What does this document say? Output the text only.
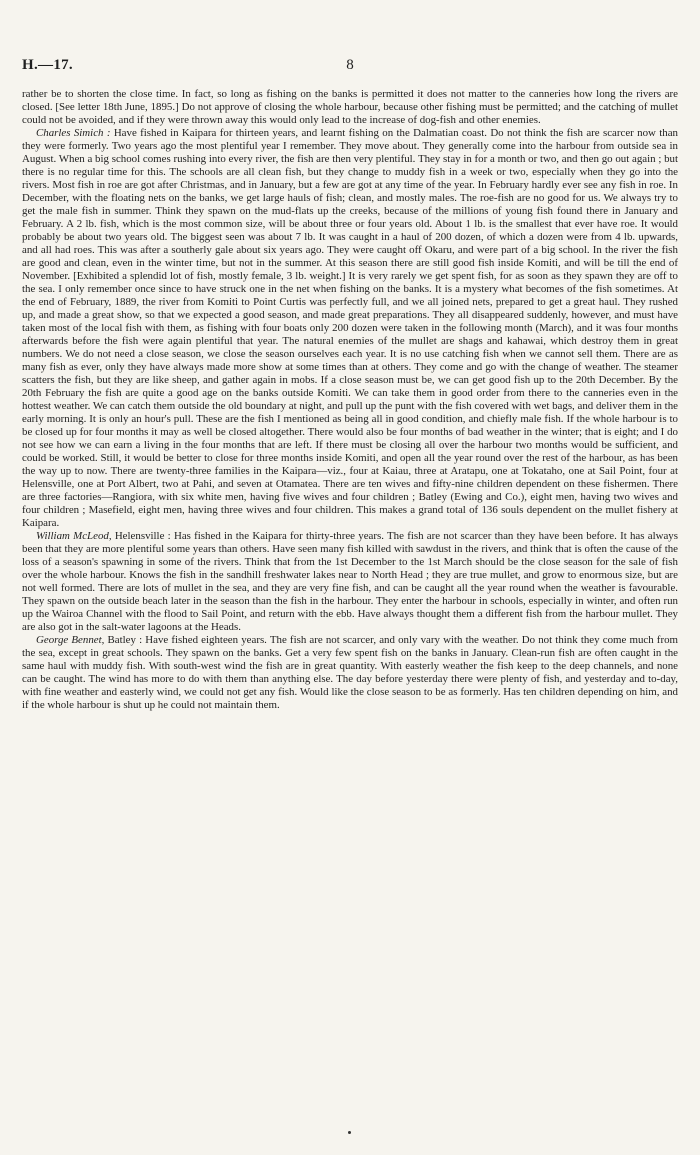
H.—17.	8

rather be to shorten the close time. In fact, so long as fishing on the banks is permitted it does not matter to the canneries how long the rivers are closed. [See letter 18th June, 1895.] Do not approve of closing the whole harbour, because other fishing must be permitted; and the catching of mullet could not be avoided, and if they were thrown away this would only lead to the increase of dog-fish and other enemies.

Charles Simich : Have fished in Kaipara for thirteen years, and learnt fishing on the Dalmatian coast. Do not think the fish are scarcer now than they were formerly. Two years ago the most plentiful year I remember. They move about. They generally come into the harbour from outside sea in August. When a big school comes rushing into every river, the fish are then very plentiful. They stay in for a month or two, and then go out again ; but there is no regular time for this. The schools are all clean fish, but they change to muddy fish in a week or two, especially when they go into the rivers. Most fish in roe are got after Christmas, and in January, but a few are got at any time of the year. In February hardly ever see any fish in roe. In December, with the floating nets on the banks, we get large hauls of fish; clean, and mostly males. The roe-fish are no good for us. We always try to get the male fish in summer. Think they spawn on the mud-flats up the creeks, because of the millions of young fish found there in January and February. A 2 lb. fish, which is the most common size, will be about three or four years old. About 1 lb. is the smallest that ever have roe. It would probably be about two years old. The biggest seen was about 7 lb. It was caught in a haul of 200 dozen, of which a dozen were from 4 lb. upwards, and all had roes. This was after a southerly gale about six years ago. They were caught off Okaru, and were part of a big school. In the river the fish are good and clean, even in the winter time, but not in the summer. At this season there are still good fish inside Komiti, and will be till the end of November. [Exhibited a splendid lot of fish, mostly female, 3 lb. weight.] It is very rarely we get spent fish, for as soon as they spawn they are off to the sea. I only remember once since to have struck one in the net when fishing on the banks. It is a mystery what becomes of the fish sometimes. At the end of February, 1889, the river from Komiti to Point Curtis was perfectly full, and we all joined nets, prepared to get a great haul. They rushed up, and made a great show, so that we expected a good season, and made great preparations. They all disappeared suddenly, however, and must have taken most of the local fish with them, as fishing with four boats only 200 dozen were taken in the following month (March), and it was four months afterwards before the fish were again plentiful that year. The natural enemies of the mullet are shags and kahawai, which destroy them in great numbers. We do not need a close season, we close the season ourselves each year. It is no use catching fish when we cannot sell them. There are as many fish as ever, only they have always made more show at some times than at others. They come and go with the change of weather. The steamer scatters the fish, but they are like sheep, and gather again in mobs. If a close season must be, we can get good fish up to the 20th December. By the 20th February the fish are quite a good age on the banks outside Komiti. We can take them in good order from there to the canneries even in the hottest weather. We can catch them outside the old boundary at night, and pull up the punt with the fish covered with wet bags, and deliver them in the early morning. It is only an hour's pull. These are the fish I mentioned as being all in good condition, and chiefly male fish. If the whole harbour is to be closed up for four months it may as well be closed altogether. There would also be four months of bad weather in the winter; that is eight; and I do not see how we can earn a living in the four months that are left. If there must be closing all over the harbour two months would be sufficient, and could be worked. Still, it would be better to close for three months inside Komiti, and open all the year round over the rest of the harbour, as has been the way up to now. There are twenty-three families in the Kaipara—viz., four at Kaiau, three at Aratapu, one at Tokataho, one at Sail Point, four at Helensville, one at Port Albert, two at Pahi, and seven at Otamatea. There are ten wives and fifty-nine children dependent on these fishermen. There are three factories—Rangiora, with six white men, having five wives and four children ; Batley (Ewing and Co.), eight men, having two wives and four children ; Masefield, eight men, having three wives and four children. This makes a grand total of 136 souls dependent on the mullet fishery at Kaipara.

William McLeod, Helensville : Has fished in the Kaipara for thirty-three years. The fish are not scarcer than they have been before. It has always been that they are more plentiful some years than others. Have seen many fish killed with sawdust in the rivers, and think that is often the cause of the loss of a season's spawning in some of the rivers. Think that from the 1st December to the 1st March should be the close season for the sale of fish over the whole harbour. Knows the fish in the sandhill freshwater lakes near to North Head ; they are true mullet, and grow to enormous size, but are not well formed. There are lots of mullet in the sea, and they are very fine fish, and can be caught all the year round when the weather is favourable. They spawn on the outside beach later in the season than the fish in the harbour. They enter the harbour in schools, especially in winter, and often run up the Wairoa Channel with the flood to Sail Point, and return with the ebb. Have always thought them a different fish from the harbour mullet. They are also got in the salt-water lagoons at the Heads.

George Bennet, Batley : Have fished eighteen years. The fish are not scarcer, and only vary with the weather. Do not think they come much from the sea, except in great schools. They spawn on the banks. Get a very few spent fish on the banks in January. Clean-run fish are often caught in the same haul with muddy fish. With south-west wind the fish are in great quantity. With easterly weather the fish keep to the deep channels, and none can be caught. The wind has more to do with them than anything else. The day before yesterday there were plenty of fish, and yesterday and to-day, with fine weather and easterly wind, we could not get any fish. Would like the close season to be as formerly. Has ten children depending on him, and if the whole harbour is shut up he could not maintain them.
